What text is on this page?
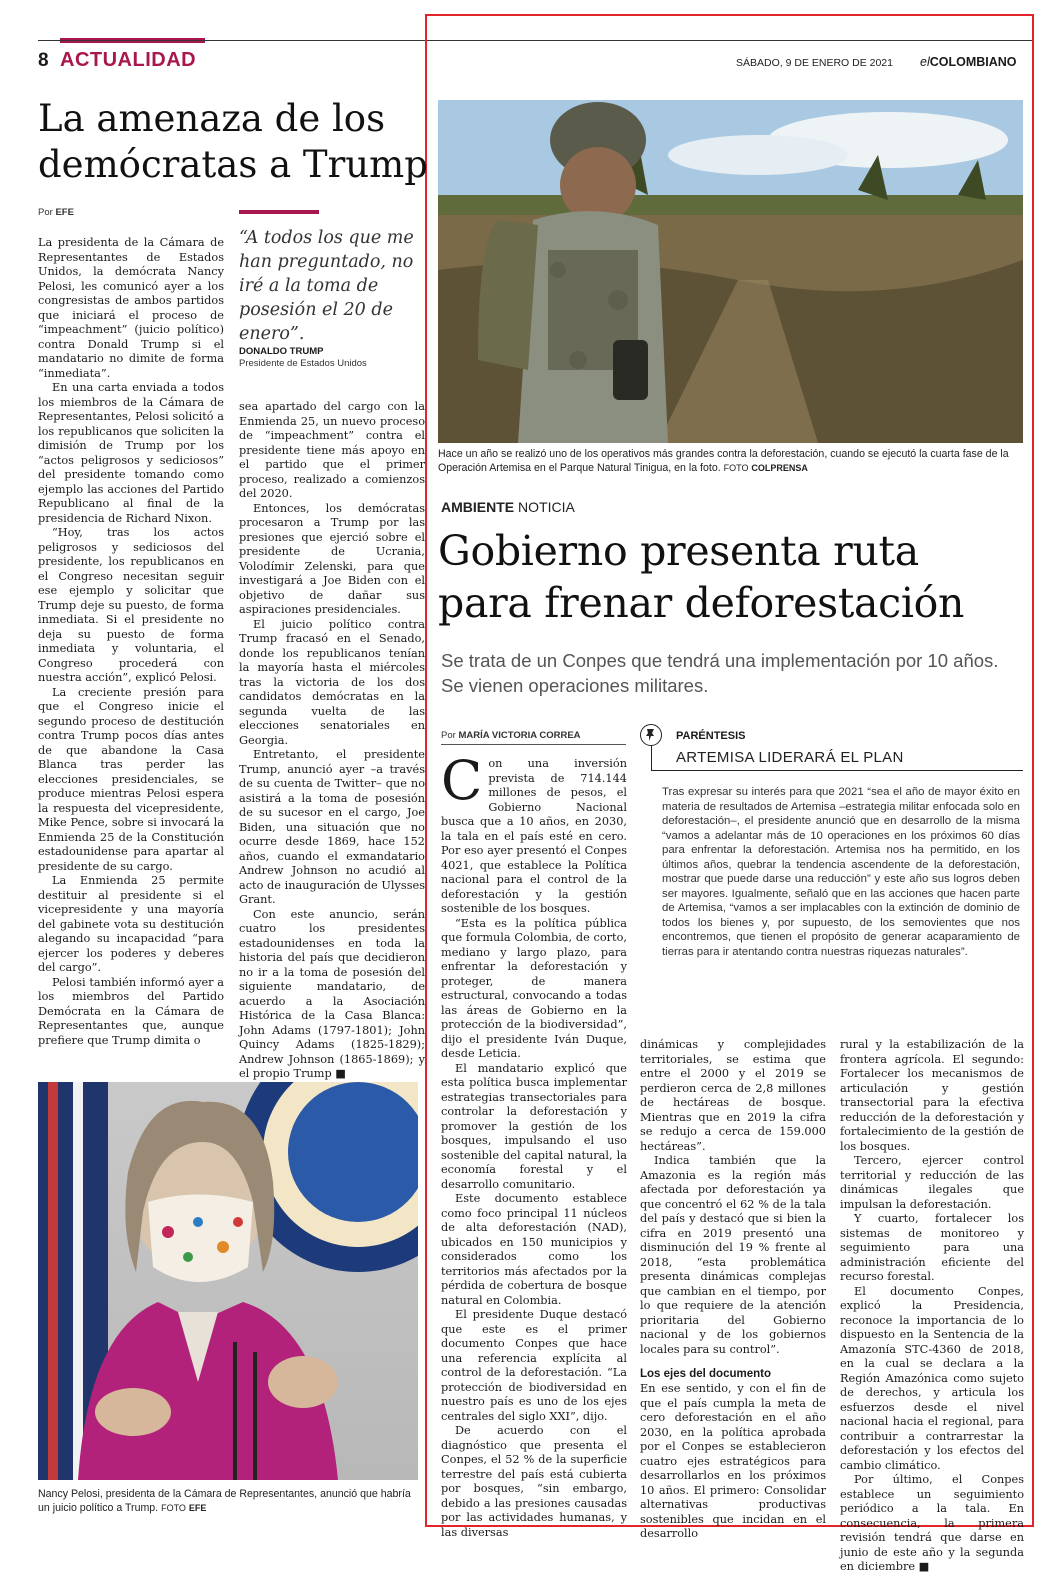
8 ACTUALIDAD	SÁBADO, 9 DE ENERO DE 2021 elCOLOMBIANO
La amenaza de los
demócratas a Trump
Por EFE
“A todos los que me han preguntado, no iré a la toma de posesión el 20 de enero”.
DONALDO TRUMP
Presidente de Estados Unidos

La presidenta de la Cámara de Representantes de Estados Unidos, la demócrata Nancy Pelosi, les comunicó ayer a los congresistas de ambos partidos que iniciará el proceso de “impeachment” (juicio político) contra Donald Trump si el mandatario no dimite de forma “inmediata”.

En una carta enviada a todos los miembros de la Cámara de Representantes, Pelosi solicitó a los republicanos que soliciten la dimisión de Trump por los “actos peligrosos y sediciosos” del presidente tomando como ejemplo las acciones del Partido Republicano al final de la presidencia de Richard Nixon.

“Hoy, tras los actos peligrosos y sediciosos del presidente, los republicanos en el Congreso necesitan seguir ese ejemplo y solicitar que Trump deje su puesto, de forma inmediata. Si el presidente no deja su puesto de forma inmediata y voluntaria, el Congreso procederá con nuestra acción”, explicó Pelosi.

La creciente presión para que el Congreso inicie el segundo proceso de destitución contra Trump pocos días antes de que abandone la Casa Blanca tras perder las elecciones presidenciales, se produce mientras Pelosi espera la respuesta del vicepresidente, Mike Pence, sobre si invocará la Enmienda 25 de la Constitución estadounidense para apartar al presidente de su cargo.

La Enmienda 25 permite destituir al presidente si el vicepresidente y una mayoría del gabinete vota su destitución alegando su incapacidad “para ejercer los poderes y deberes del cargo”.

Pelosi también informó ayer a los miembros del Partido Demócrata en la Cámara de Representantes que, aunque prefiere que Trump dimita o

sea apartado del cargo con la Enmienda 25, un nuevo proceso de “impeachment” contra el presidente tiene más apoyo en el partido que el primer proceso, realizado a comienzos del 2020.

Entonces, los demócratas procesaron a Trump por las presiones que ejerció sobre el presidente de Ucrania, Volodímir Zelenski, para que investigará a Joe Biden con el objetivo de dañar sus aspiraciones presidenciales.

El juicio político contra Trump fracasó en el Senado, donde los republicanos tenían la mayoría hasta el miércoles tras la victoria de los dos candidatos demócratas en la segunda vuelta de las elecciones senatoriales en Georgia.

Entretanto, el presidente Trump, anunció ayer –a través de su cuenta de Twitter– que no asistirá a la toma de posesión de su sucesor en el cargo, Joe Biden, una situación que no ocurre desde 1869, hace 152 años, cuando el exmandatario Andrew Johnson no acudió al acto de inauguración de Ulysses Grant.

Con este anuncio, serán cuatro los presidentes estadounidenses en toda la historia del país que decidieron no ir a la toma de posesión del siguiente mandatario, de acuerdo a la Asociación Histórica de la Casa Blanca: John Adams (1797-1801); John Quincy Adams (1825-1829); Andrew Johnson (1865-1869); y el propio Trump ■

Nancy Pelosi, presidenta de la Cámara de Representantes, anunció que habría un juicio político a Trump. FOTO EFE
Hace un año se realizó uno de los operativos más grandes contra la deforestación, cuando se ejecutó la cuarta fase de la Operación Artemisa en el Parque Natural Tinigua, en la foto. FOTO COLPRENSA
AMBIENTE NOTICIA
Gobierno presenta ruta
para frenar deforestación
Se trata de un Conpes que tendrá una implementación por 10 años. Se vienen operaciones militares.
Por MARÍA VICTORIA CORREA	PARÉNTESIS
ARTEMISA LIDERARÁ EL PLAN
Tras expresar su interés para que 2021 “sea el año de mayor éxito en materia de resultados de Artemisa –estrategia militar enfocada solo en deforestación–, el presidente anunció que en desarrollo de la misma “vamos a adelantar más de 10 operaciones en los próximos 60 días para enfrentar la deforestación. Artemisa nos ha permitido, en los últimos años, quebrar la tendencia ascendente de la deforestación, mostrar que puede darse una reducción” y este año sus logros deben ser mayores. Igualmente, señaló que en las acciones que hacen parte de Artemisa, “vamos a ser implacables con la extinción de dominio de todos los bienes y, por supuesto, de los semovientes que nos encontremos, que tienen el propósito de generar acaparamiento de tierras para ir atentando contra nuestras riquezas naturales”.

Con una inversión prevista de 714.144 millones de pesos, el Gobierno Nacional busca que a 10 años, en 2030, la tala en el país esté en cero. Por eso ayer presentó el Conpes 4021, que establece la Política nacional para el control de la deforestación y la gestión sostenible de los bosques.

“Esta es la política pública que formula Colombia, de corto, mediano y largo plazo, para enfrentar la deforestación y proteger, de manera estructural, convocando a todas las áreas de Gobierno en la protección de la biodiversidad”, dijo el presidente Iván Duque, desde Leticia.

El mandatario explicó que esta política busca implementar estrategias transectoriales para controlar la deforestación y promover la gestión de los bosques, impulsando el uso sostenible del capital natural, la economía forestal y el desarrollo comunitario.

Este documento establece como foco principal 11 núcleos de alta deforestación (NAD), ubicados en 150 municipios y considerados como los territorios más afectados por la pérdida de cobertura de bosque natural en Colombia.

El presidente Duque destacó que este es el primer documento Conpes que hace una referencia explícita al control de la deforestación. “La protección de biodiversidad en nuestro país es uno de los ejes centrales del siglo XXI”, dijo.

De acuerdo con el diagnóstico que presenta el Conpes, el 52 % de la superficie terrestre del país está cubierta por bosques, “sin embargo, debido a las presiones causadas por las actividades humanas, y las diversas

dinámicas y complejidades territoriales, se estima que entre el 2000 y el 2019 se perdieron cerca de 2,8 millones de hectáreas de bosque. Mientras que en 2019 la cifra se redujo a cerca de 159.000 hectáreas”.

Indica también que la Amazonia es la región más afectada por deforestación ya que concentró el 62 % de la tala del país y destacó que si bien la cifra en 2019 presentó una disminución del 19 % frente al 2018, “esta problemática presenta dinámicas complejas que cambian en el tiempo, por lo que requiere de la atención prioritaria del Gobierno nacional y de los gobiernos locales para su control”.

Los ejes del documento

En ese sentido, y con el fin de que el país cumpla la meta de cero deforestación en el año 2030, en la política aprobada por el Conpes se establecieron cuatro ejes estratégicos para desarrollarlos en los próximos 10 años. El primero: Consolidar alternativas productivas sostenibles que incidan en el desarrollo

rural y la estabilización de la frontera agrícola. El segundo: Fortalecer los mecanismos de articulación y gestión transectorial para la efectiva reducción de la deforestación y fortalecimiento de la gestión de los bosques.

Tercero, ejercer control territorial y reducción de las dinámicas ilegales que impulsan la deforestación.

Y cuarto, fortalecer los sistemas de monitoreo y seguimiento para una administración eficiente del recurso forestal.

El documento Conpes, explicó la Presidencia, reconoce la importancia de lo dispuesto en la Sentencia de la Amazonía STC-4360 de 2018, en la cual se declara a la Región Amazónica como sujeto de derechos, y articula los esfuerzos desde el nivel nacional hacia el regional, para contribuir a contrarrestar la deforestación y los efectos del cambio climático.

Por último, el Conpes establece un seguimiento periódico a la tala. En consecuencia, la primera revisión tendrá que darse en junio de este año y la segunda en diciembre ■
